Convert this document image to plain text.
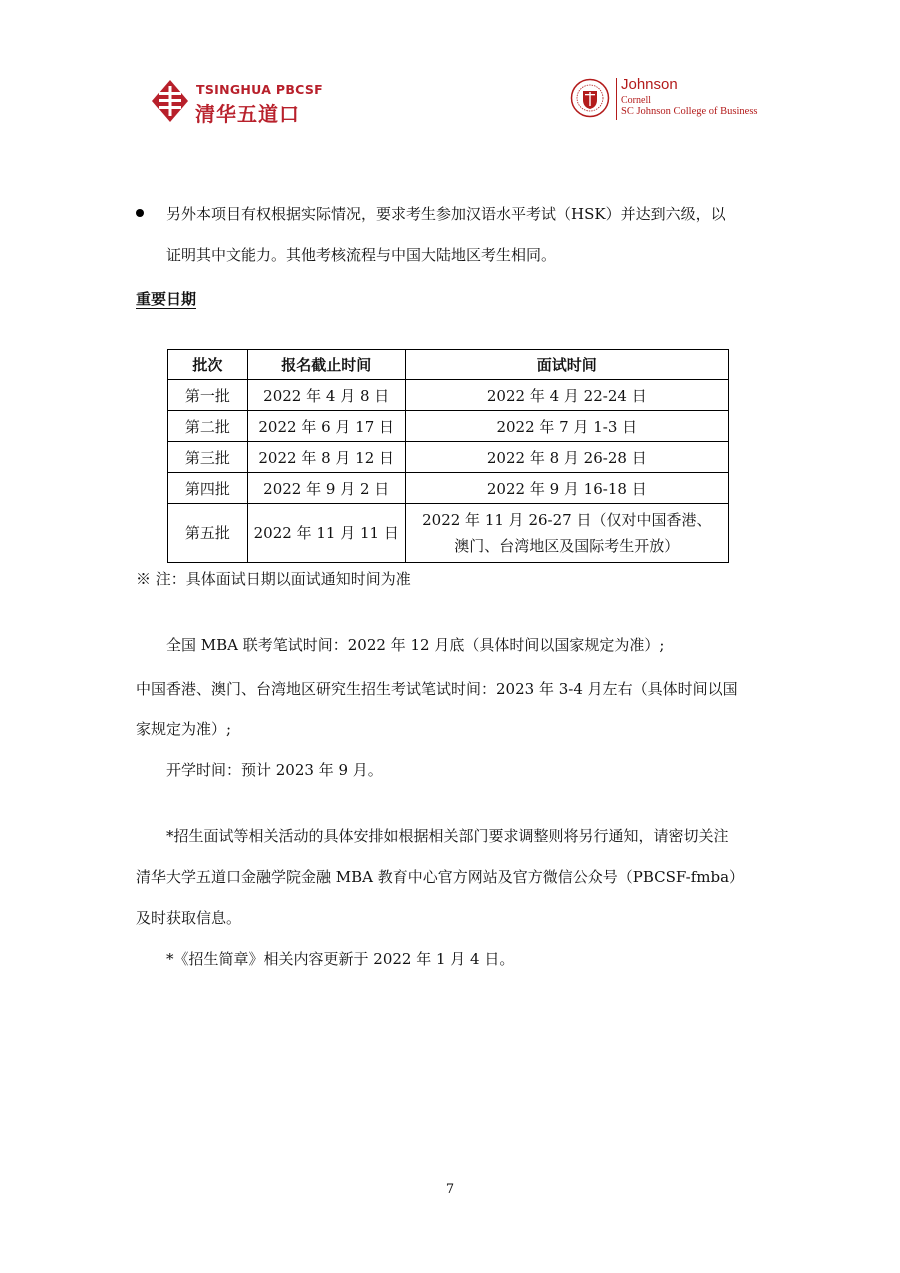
TSINGHUA PBCSF
清华五道口
Johnson
Cornell
SC Johnson College of Business
另外本项目有权根据实际情况，要求考生参加汉语水平考试（HSK）并达到六级，以
证明其中文能力。其他考核流程与中国大陆地区考生相同。
重要日期
批次	报名截止时间	面试时间
第一批	2022 年 4 月 8 日	2022 年 4 月 22-24 日
第二批	2022 年 6 月 17 日	2022 年 7 月 1-3 日
第三批	2022 年 8 月 12 日	2022 年 8 月 26-28 日
第四批	2022 年 9 月 2 日	2022 年 9 月 16-18 日
第五批	2022 年 11 月 11 日	2022 年 11 月 26-27 日（仅对中国香港、
澳门、台湾地区及国际考生开放）
※ 注：具体面试日期以面试通知时间为准
全国 MBA 联考笔试时间：2022 年 12 月底（具体时间以国家规定为准）;
中国香港、澳门、台湾地区研究生招生考试笔试时间：2023 年 3-4 月左右（具体时间以国
家规定为准）;
开学时间：预计 2023 年 9 月。
*招生面试等相关活动的具体安排如根据相关部门要求调整则将另行通知，请密切关注
清华大学五道口金融学院金融 MBA 教育中心官方网站及官方微信公众号（PBCSF-fmba）
及时获取信息。
*《招生简章》相关内容更新于 2022 年 1 月 4 日。
7
